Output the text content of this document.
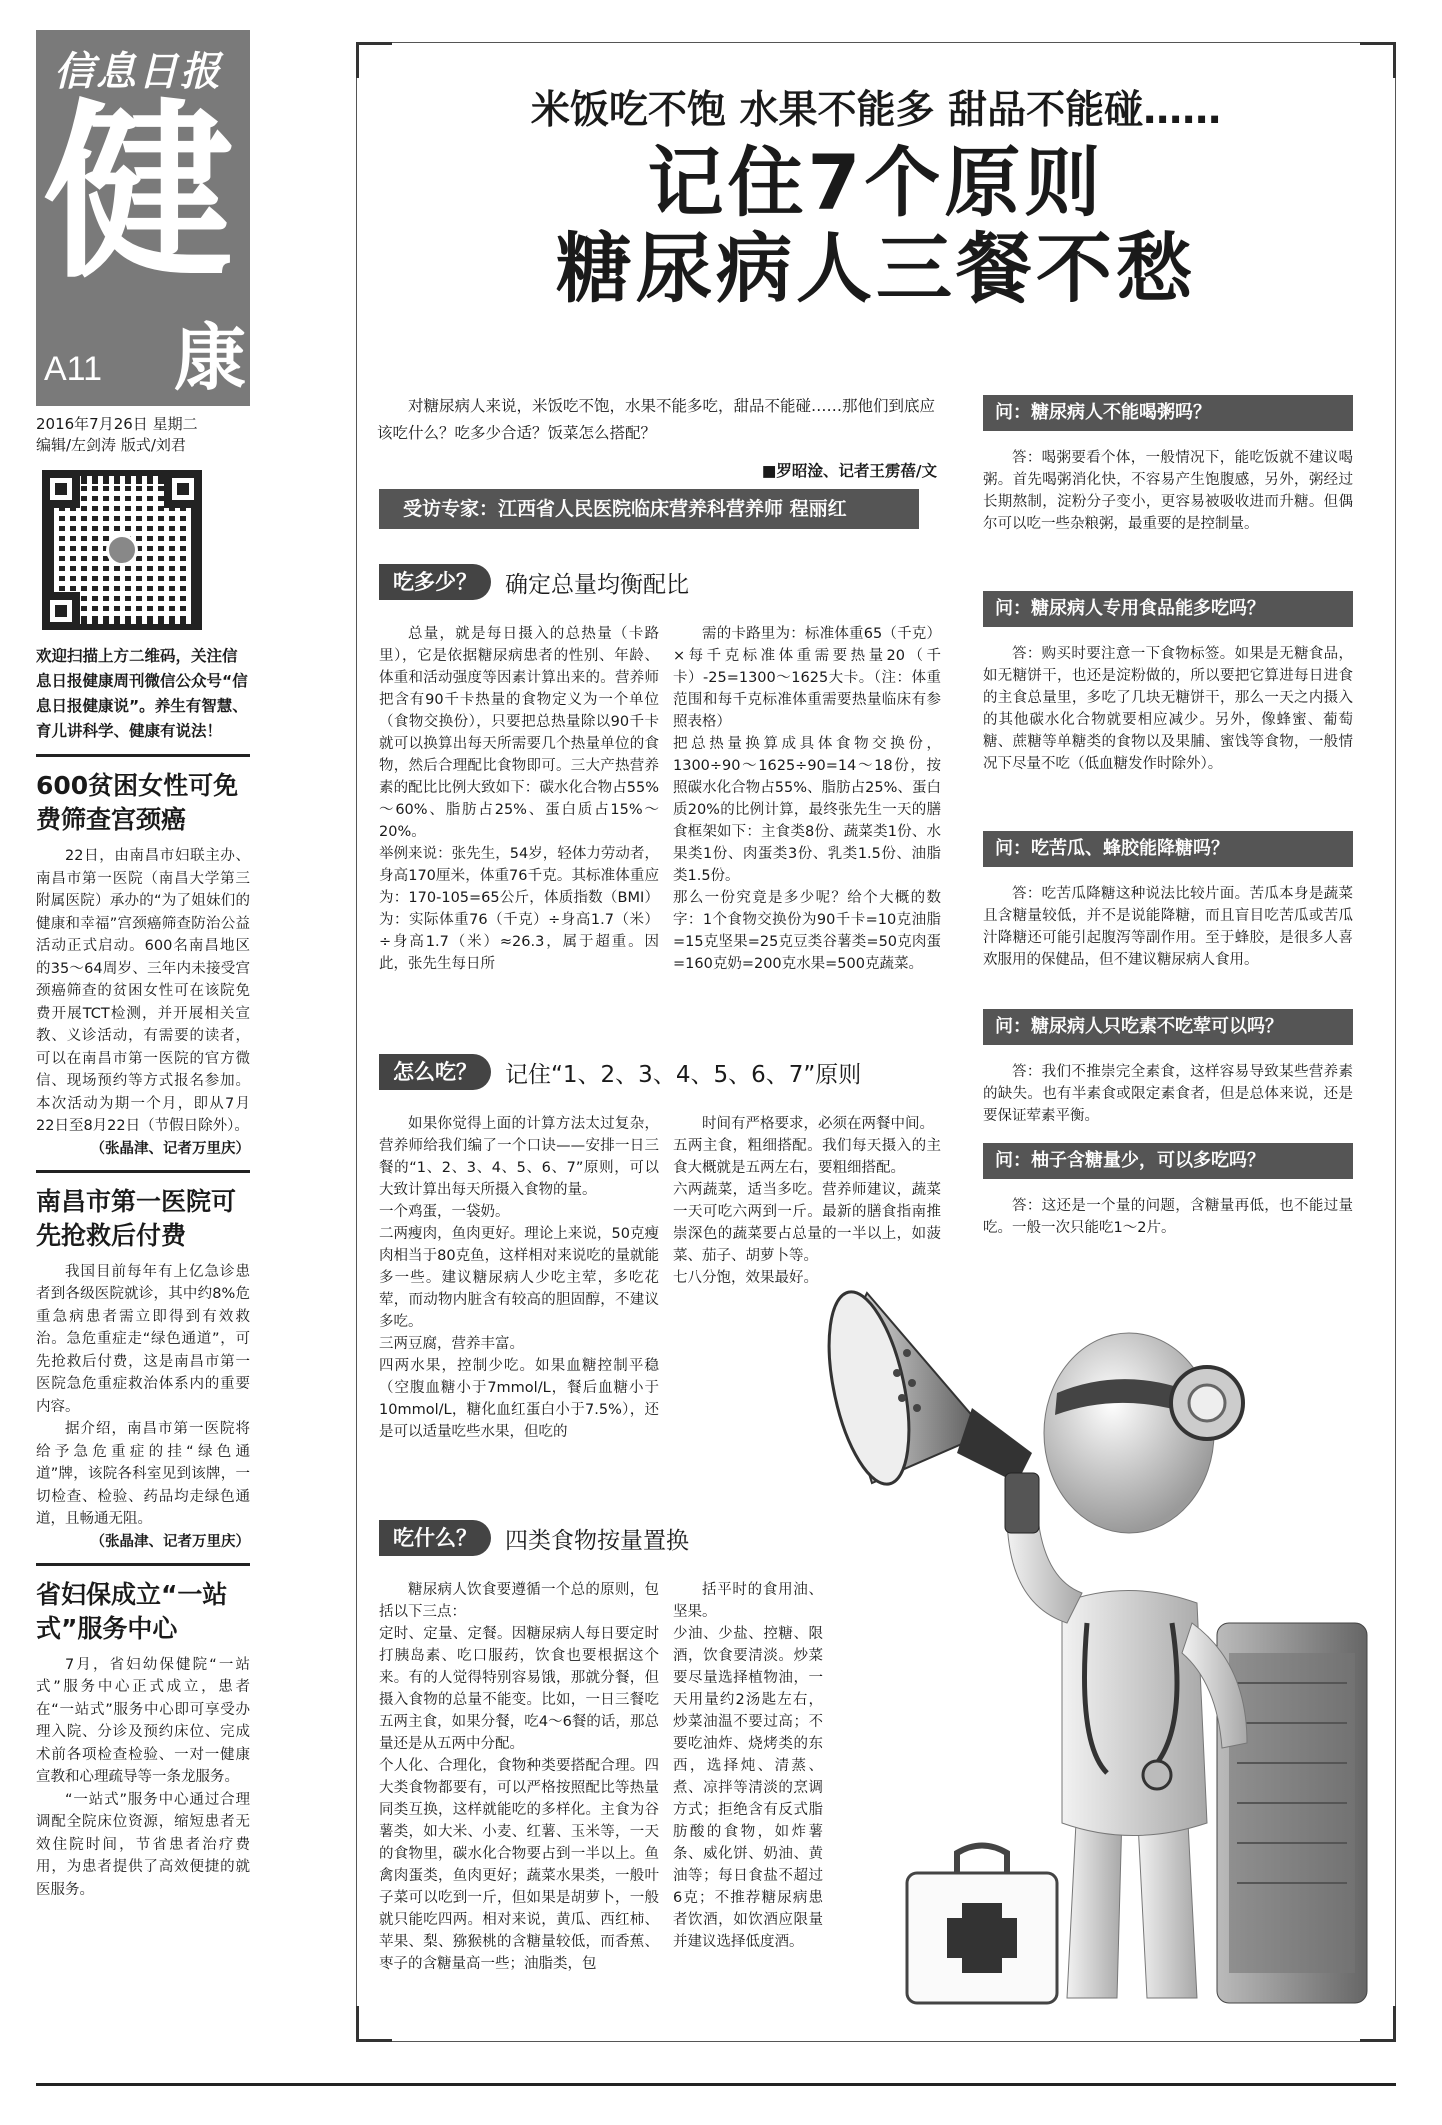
信息日报
健
A11 康
2016年7月26日 星期二
编辑/左剑涛 版式/刘君
欢迎扫描上方二维码，关注信息日报健康周刊微信公众号“信息日报健康说”。养生有智慧、育儿讲科学、健康有说法！
600贫困女性可免费筛查宫颈癌

22日，由南昌市妇联主办、南昌市第一医院（南昌大学第三附属医院）承办的“为了姐妹们的健康和幸福”宫颈癌筛查防治公益活动正式启动。600名南昌地区的35～64周岁、三年内未接受宫颈癌筛查的贫困女性可在该院免费开展TCT检测，并开展相关宣教、义诊活动，有需要的读者，可以在南昌市第一医院的官方微信、现场预约等方式报名参加。本次活动为期一个月，即从7月22日至8月22日（节假日除外）。

（张晶津、记者万里庆）
南昌市第一医院可先抢救后付费

我国目前每年有上亿急诊患者到各级医院就诊，其中约8%危重急病患者需立即得到有效救治。急危重症走“绿色通道”，可先抢救后付费，这是南昌市第一医院急危重症救治体系内的重要内容。

据介绍，南昌市第一医院将给予急危重症的挂“绿色通道”牌，该院各科室见到该牌，一切检查、检验、药品均走绿色通道，且畅通无阻。

（张晶津、记者万里庆）
省妇保成立“一站式”服务中心

7月，省妇幼保健院“一站式”服务中心正式成立，患者在“一站式”服务中心即可享受办理入院、分诊及预约床位、完成术前各项检查检验、一对一健康宣教和心理疏导等一条龙服务。

“一站式”服务中心通过合理调配全院床位资源，缩短患者无效住院时间，节省患者治疗费用，为患者提供了高效便捷的就医服务。

米饭吃不饱 水果不能多 甜品不能碰……
记住7个原则
糖尿病人三餐不愁

对糖尿病人来说，米饭吃不饱，水果不能多吃，甜品不能碰……那他们到底应该吃什么？吃多少合适？饭菜怎么搭配？

■罗昭淦、记者王雳蓓/文
受访专家：江西省人民医院临床营养科营养师 程丽红
吃多少？	确定总量均衡配比
总量，就是每日摄入的总热量（卡路里），它是依据糖尿病患者的性别、年龄、体重和活动强度等因素计算出来的。营养师把含有90千卡热量的食物定义为一个单位（食物交换份），只要把总热量除以90千卡就可以换算出每天所需要几个热量单位的食物，然后合理配比食物即可。三大产热营养素的配比比例大致如下：碳水化合物占55%～60%、脂肪占25%、蛋白质占15%～20%。
举例来说：张先生，54岁，轻体力劳动者，身高170厘米，体重76千克。其标准体重应为：170-105=65公斤，体质指数（BMI）为：实际体重76（千克）÷身高1.7（米）÷身高1.7（米）≈26.3，属于超重。因此，张先生每日所
需的卡路里为：标准体重65（千克）×每千克标准体重需要热量20（千卡）-25=1300～1625大卡。（注：体重范围和每千克标准体重需要热量临床有参照表格）
把总热量换算成具体食物交换份，1300÷90～1625÷90=14～18份，按照碳水化合物占55%、脂肪占25%、蛋白质20%的比例计算，最终张先生一天的膳食框架如下：主食类8份、蔬菜类1份、水果类1份、肉蛋类3份、乳类1.5份、油脂类1.5份。
那么一份究竟是多少呢？给个大概的数字：1个食物交换份为90千卡=10克油脂=15克坚果=25克豆类谷薯类=50克肉蛋=160克奶=200克水果=500克蔬菜。
怎么吃？	记住“1、2、3、4、5、6、7”原则
如果你觉得上面的计算方法太过复杂，营养师给我们编了一个口诀——安排一日三餐的“1、2、3、4、5、6、7”原则，可以大致计算出每天所摄入食物的量。
一个鸡蛋，一袋奶。
二两瘦肉，鱼肉更好。理论上来说，50克瘦肉相当于80克鱼，这样相对来说吃的量就能多一些。建议糖尿病人少吃主荤，多吃花荤，而动物内脏含有较高的胆固醇，不建议多吃。
三两豆腐，营养丰富。
四两水果，控制少吃。如果血糖控制平稳（空腹血糖小于7mmol/L，餐后血糖小于10mmol/L，糖化血红蛋白小于7.5%），还是可以适量吃些水果，但吃的
时间有严格要求，必须在两餐中间。
五两主食，粗细搭配。我们每天摄入的主食大概就是五两左右，要粗细搭配。
六两蔬菜，适当多吃。营养师建议，蔬菜一天可吃六两到一斤。最新的膳食指南推崇深色的蔬菜要占总量的一半以上，如菠菜、茄子、胡萝卜等。
七八分饱，效果最好。
吃什么？	四类食物按量置换
糖尿病人饮食要遵循一个总的原则，包括以下三点：
定时、定量、定餐。因糖尿病人每日要定时打胰岛素、吃口服药，饮食也要根据这个来。有的人觉得特别容易饿，那就分餐，但摄入食物的总量不能变。比如，一日三餐吃五两主食，如果分餐，吃4～6餐的话，那总量还是从五两中分配。
个人化、合理化，食物种类要搭配合理。四大类食物都要有，可以严格按照配比等热量同类互换，这样就能吃的多样化。主食为谷薯类，如大米、小麦、红薯、玉米等，一天的食物里，碳水化合物要占到一半以上。鱼禽肉蛋类，鱼肉更好；蔬菜水果类，一般叶子菜可以吃到一斤，但如果是胡萝卜，一般就只能吃四两。相对来说，黄瓜、西红柿、苹果、梨、猕猴桃的含糖量较低，而香蕉、枣子的含糖量高一些；油脂类，包
括平时的食用油、坚果。
少油、少盐、控糖、限酒，饮食要清淡。炒菜要尽量选择植物油，一天用量约2汤匙左右，炒菜油温不要过高；不要吃油炸、烧烤类的东西，选择炖、清蒸、煮、凉拌等清淡的烹调方式；拒绝含有反式脂肪酸的食物，如炸薯条、威化饼、奶油、黄油等；每日食盐不超过6克；不推荐糖尿病患者饮酒，如饮酒应限量并建议选择低度酒。
问：糖尿病人不能喝粥吗？

答：喝粥要看个体，一般情况下，能吃饭就不建议喝粥。首先喝粥消化快，不容易产生饱腹感，另外，粥经过长期熬制，淀粉分子变小，更容易被吸收进而升糖。但偶尔可以吃一些杂粮粥，最重要的是控制量。

问：糖尿病人专用食品能多吃吗？

答：购买时要注意一下食物标签。如果是无糖食品，如无糖饼干，也还是淀粉做的，所以要把它算进每日进食的主食总量里，多吃了几块无糖饼干，那么一天之内摄入的其他碳水化合物就要相应减少。另外，像蜂蜜、葡萄糖、蔗糖等单糖类的食物以及果脯、蜜饯等食物，一般情况下尽量不吃（低血糖发作时除外）。

问：吃苦瓜、蜂胶能降糖吗？

答：吃苦瓜降糖这种说法比较片面。苦瓜本身是蔬菜且含糖量较低，并不是说能降糖，而且盲目吃苦瓜或苦瓜汁降糖还可能引起腹泻等副作用。至于蜂胶，是很多人喜欢服用的保健品，但不建议糖尿病人食用。

问：糖尿病人只吃素不吃荤可以吗？

答：我们不推崇完全素食，这样容易导致某些营养素的缺失。也有半素食或限定素食者，但是总体来说，还是要保证荤素平衡。

问：柚子含糖量少，可以多吃吗？

答：这还是一个量的问题，含糖量再低，也不能过量吃。一般一次只能吃1～2片。
